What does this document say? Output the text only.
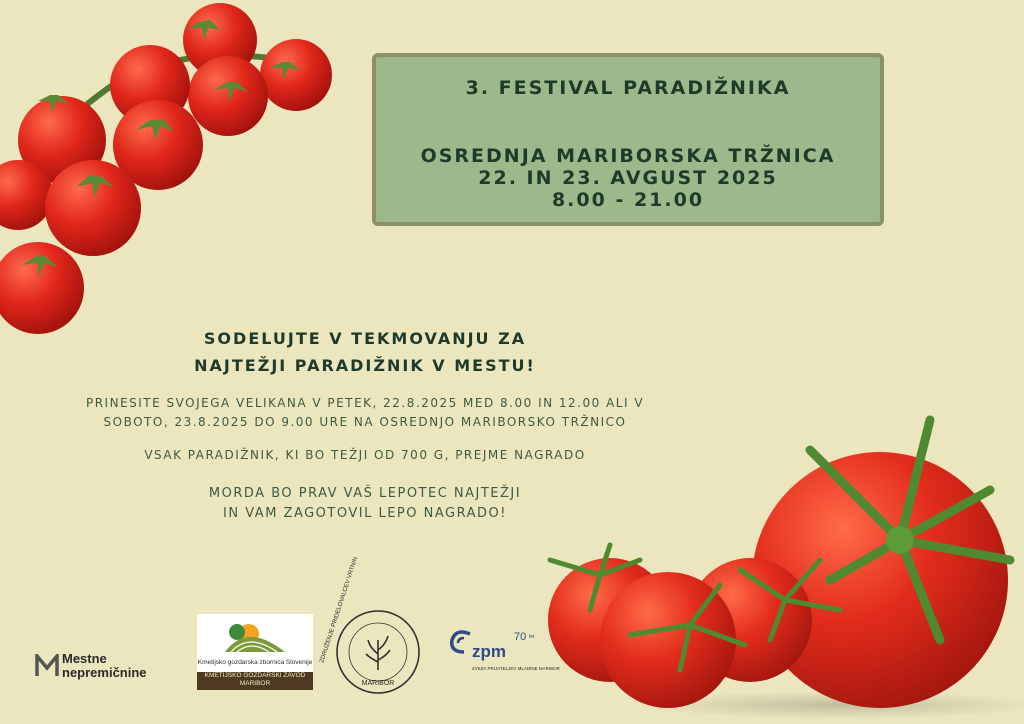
3. FESTIVAL PARADIŽNIKA
OSREDNJA MARIBORSKA TRŽNICA
22. IN 23. AVGUST 2025
8.00 - 21.00
SODELUJTE V TEKMOVANJU ZA
NAJTEŽJI PARADIŽNIK V MESTU!
PRINESITE SVOJEGA VELIKANA V PETEK, 22.8.2025 MED 8.00 IN 12.00 ALI V
SOBOTO, 23.8.2025 DO 9.00 URE NA OSREDNJO MARIBORSKO TRŽNICO
VSAK PARADIŽNIK, KI BO TEŽJI OD 700 G, PREJME NAGRADO
MORDA BO PRAV VAŠ LEPOTEC NAJTEŽJI
IN VAM ZAGOTOVIL LEPO NAGRADO!
Mestne
nepremičnine
Kmetijsko gozdarska zbornica Slovenije
KMETIJSKO GOZDARSKI ZAVOD
MARIBOR
ZDRUŽENJE PRIDELOVALCEV VRTNIN
MARIBOR
zpm
70 let
ZVEZA PRIJATELJEV MLADINE MARIBOR
